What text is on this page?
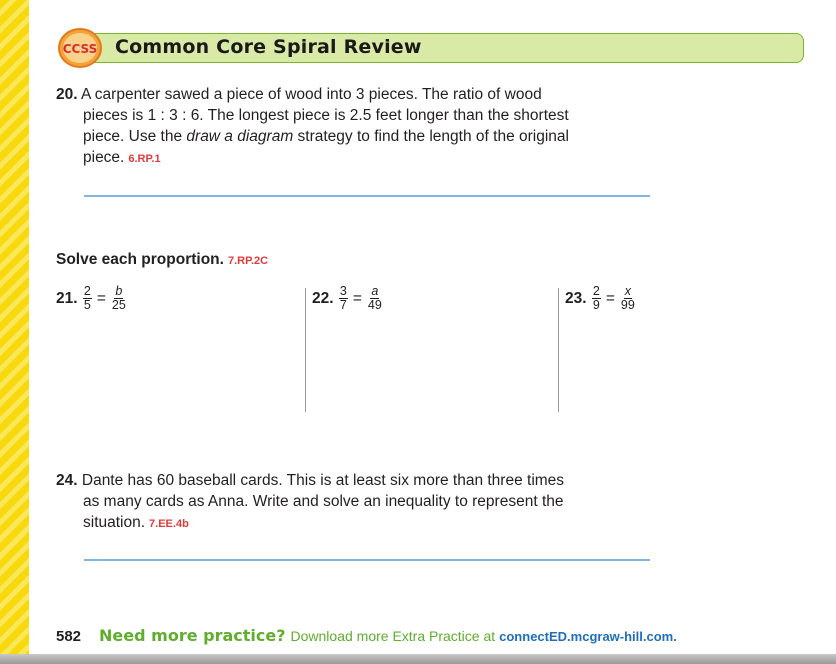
Common Core Spiral Review
CCSS
20. A carpenter sawed a piece of wood into 3 pieces. The ratio of wood
pieces is 1 : 3 : 6. The longest piece is 2.5 feet longer than the shortest
piece. Use the draw a diagram strategy to find the length of the original
piece. 6.RP.1
Solve each proportion. 7.RP.2C
21.
$\frac{2}{5} = \frac{b}{25}$	22.
$\frac{3}{7} = \frac{a}{49}$	23.
$\frac{2}{9} = \frac{x}{99}$
24. Dante has 60 baseball cards. This is at least six more than three times
as many cards as Anna. Write and solve an inequality to represent the
situation. 7.EE.4b
582 Need more practice? Download more Extra Practice at connectED.mcgraw-hill.com.
